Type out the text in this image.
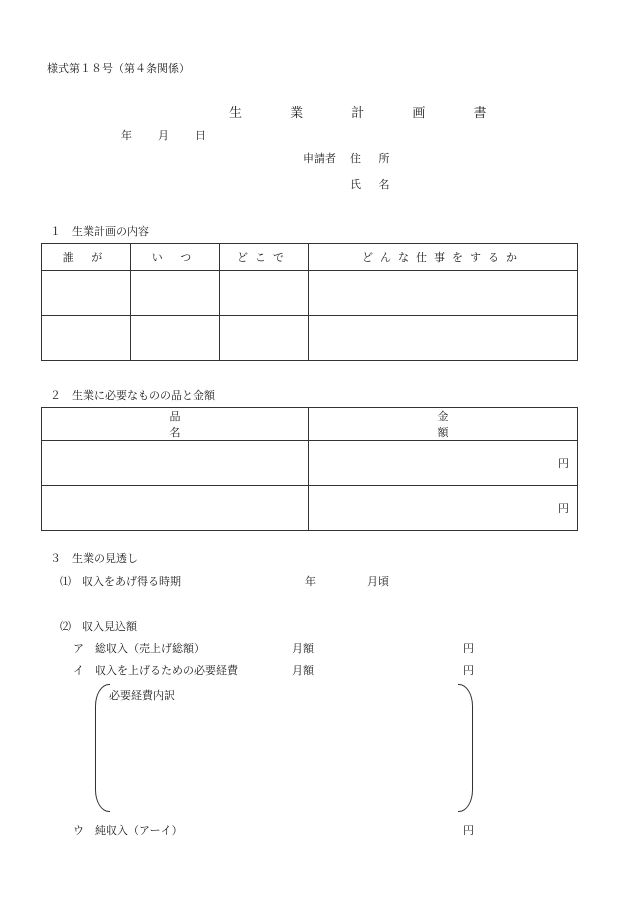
様式第１８号（第４条関係）
生 業 計 画 書
年 月 日
申請者 住 所
氏 名
１　生業計画の内容
誰 が	い つ	どこで	どんな仕事をするか

２　生業に必要なものの品と金額
品 名	金 額
	円
	円
３　生業の見透し
⑴　収入をあげ得る時期	年	月頃
⑵　収入見込額
ア　総収入（売上げ総額）	月額	円
イ　収入を上げるための必要経費	月額	円
必要経費内訳
ウ　純収入（アーイ）	円
